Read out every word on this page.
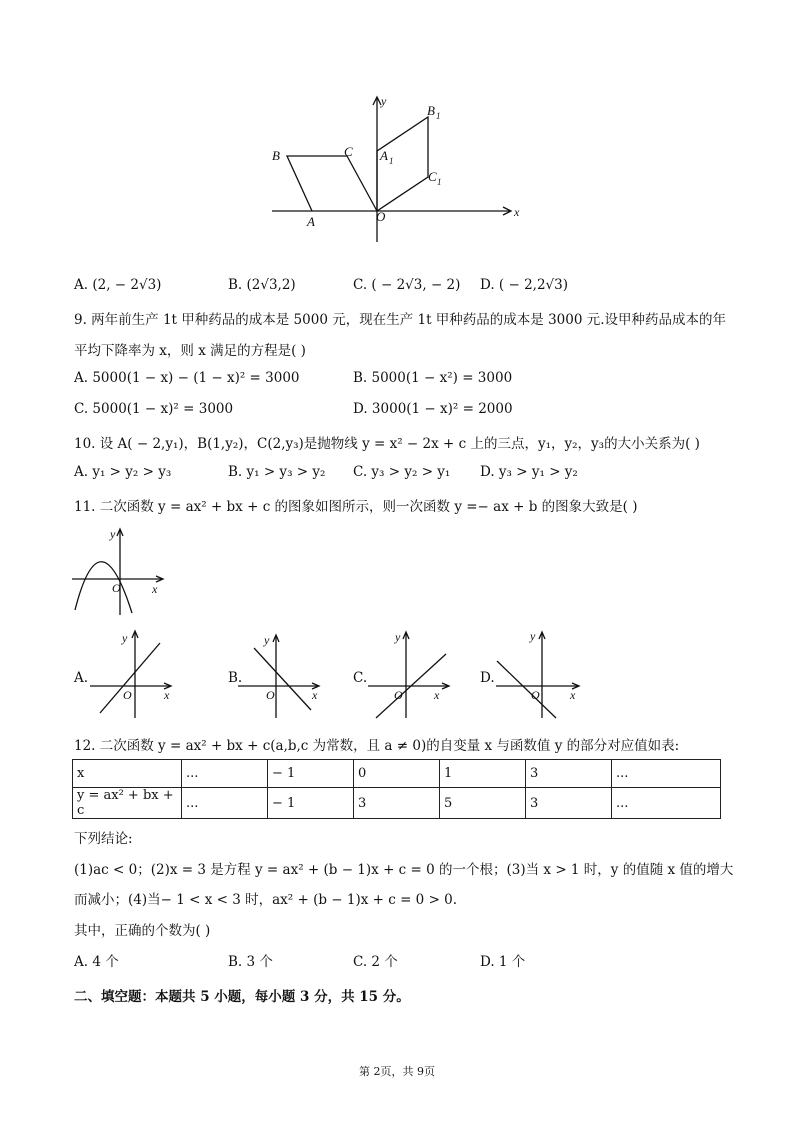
B	C
A	O
A 1
B 1
C 1
x
y
A. (2, − 2√3)	B. (2√3,2)	C. ( − 2√3, − 2) D. ( − 2,2√3)
9. 两年前生产 1t 甲种药品的成本是 5000 元，现在生产 1t 甲种药品的成本是 3000 元.设甲种药品成本的年
平均下降率为 x，则 x 满足的方程是( )
A. 5000(1 − x) − (1 − x)² = 3000	B. 5000(1 − x²) = 3000
C. 5000(1 − x)² = 3000	D. 3000(1 − x)² = 2000
10. 设 A( − 2,y₁)，B(1,y₂)，C(2,y₃)是抛物线 y = x² − 2x + c 上的三点，y₁，y₂，y₃的大小关系为( )
A. y₁ > y₂ > y₃	B. y₁ > y₃ > y₂ C. y₃ > y₂ > y₁ D. y₃ > y₁ > y₂
11. 二次函数 y = ax² + bx + c 的图象如图所示，则一次函数 y =− ax + b 的图象大致是( )
y
O	x
A.
y
O	x
B.
y
O	x
C.
y
O	x
D.
y
O	x
12. 二次函数 y = ax² + bx + c(a,b,c 为常数，且 a ≠ 0)的自变量 x 与函数值 y 的部分对应值如表:
x	...	− 1	0	1	3	...
y = ax² + bx + c	...	− 1	3	5	3	...
下列结论:
(1)ac < 0；(2)x = 3 是方程 y = ax² + (b − 1)x + c = 0 的一个根；(3)当 x > 1 时，y 的值随 x 值的增大
而减小；(4)当− 1 < x < 3 时，ax² + (b − 1)x + c = 0 > 0.
其中，正确的个数为( )
A. 4 个	B. 3 个	C. 2 个	D. 1 个
二、填空题：本题共 5 小题，每小题 3 分，共 15 分。
第 2页，共 9页
